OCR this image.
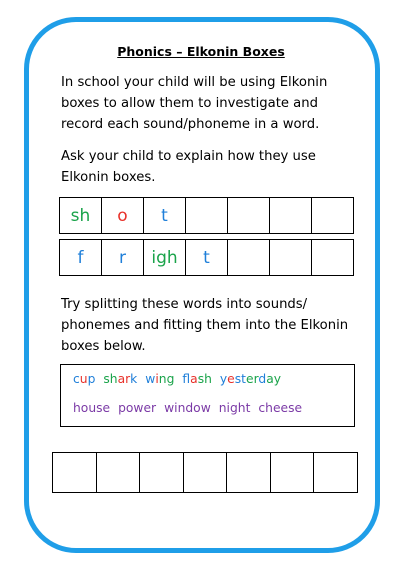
Phonics – Elkonin Boxes
In school your child will be using Elkonin
boxes to allow them to investigate and
record each sound/phoneme in a word.
Ask your child to explain how they use
Elkonin boxes.
sh	o	t
f	r	igh	t
Try splitting these words into sounds/
phonemes and fitting them into the Elkonin
boxes below.
cup shark wing fash yesterday
house power window night cheese
